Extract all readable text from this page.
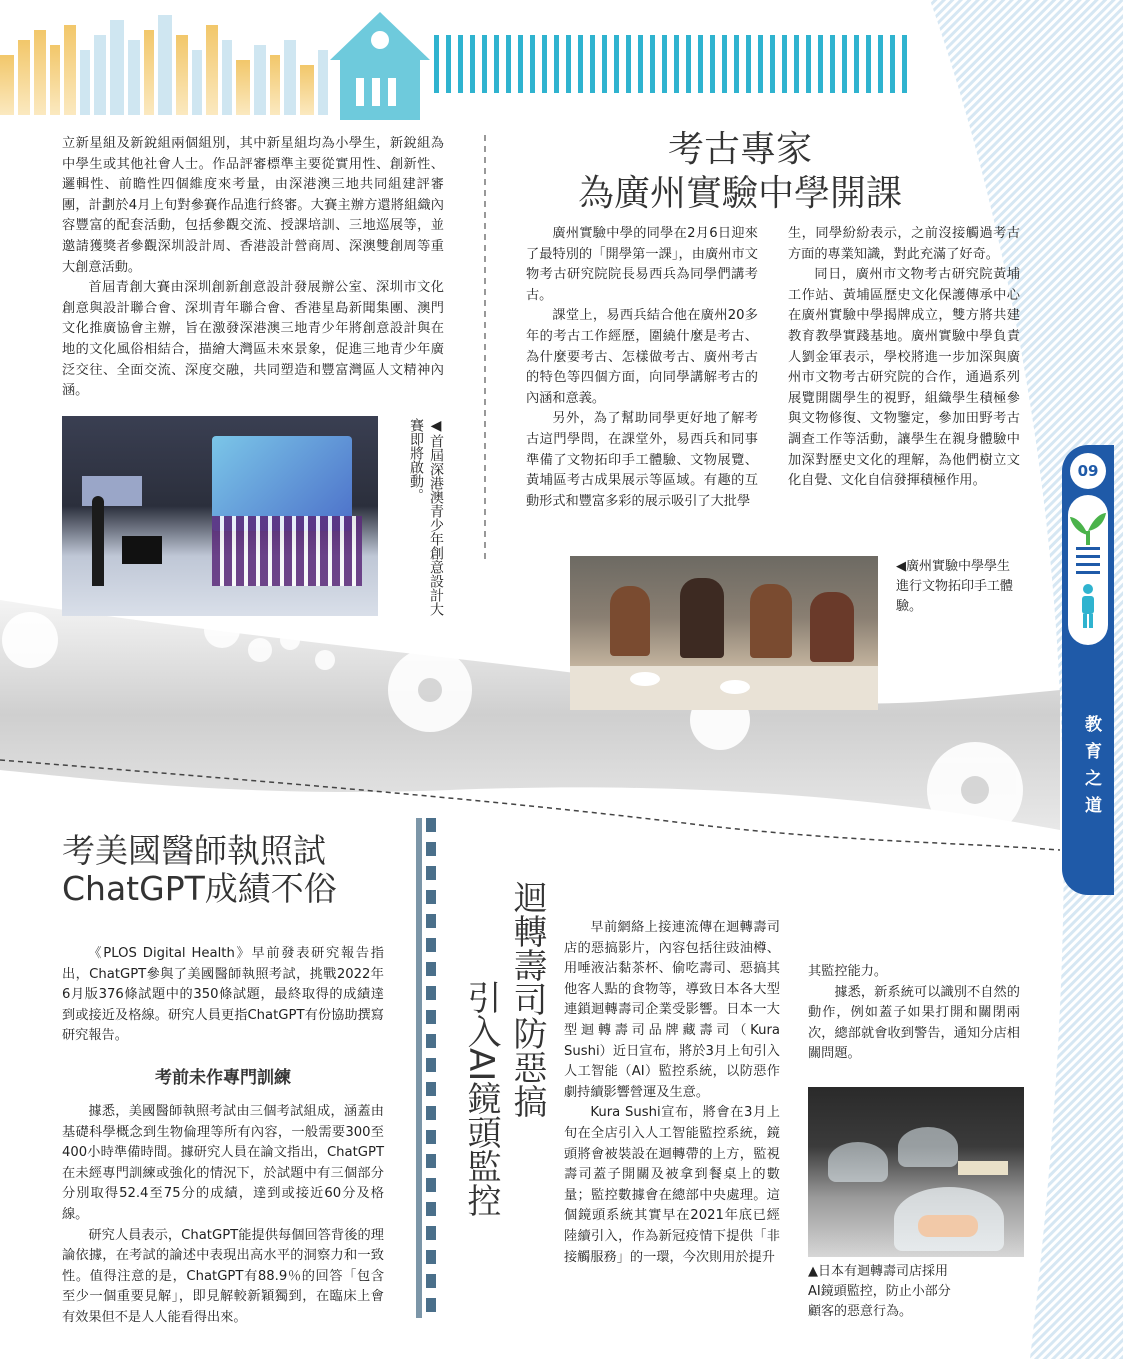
09
教育之道

立新星組及新銳組兩個組別，其中新星組均為小學生，新銳組為中學生或其他社會人士。作品評審標準主要從實用性、創新性、邏輯性、前瞻性四個維度來考量，由深港澳三地共同組建評審團，計劃於4月上旬對參賽作品進行終審。大賽主辦方還將組織內容豐富的配套活動，包括參觀交流、授課培訓、三地巡展等，並邀請獲獎者參觀深圳設計周、香港設計營商周、深澳雙創周等重大創意活動。

首屆青創大賽由深圳創新創意設計發展辦公室、深圳市文化創意與設計聯合會、深圳青年聯合會、香港星島新聞集團、澳門文化推廣協會主辦，旨在激發深港澳三地青少年將創意設計與在地的文化風俗相結合，描繪大灣區未來景象，促進三地青少年廣泛交往、全面交流、深度交融，共同塑造和豐富灣區人文精神內涵。

◀首屆深港澳青少年創意設計大賽即將啟動。
考古專家
為廣州實驗中學開課

廣州實驗中學的同學在2月6日迎來了最特別的「開學第一課」，由廣州市文物考古研究院院長易西兵為同學們講考古。

課堂上，易西兵結合他在廣州20多年的考古工作經歷，圍繞什麼是考古、為什麼要考古、怎樣做考古、廣州考古的特色等四個方面，向同學講解考古的內涵和意義。

另外，為了幫助同學更好地了解考古這門學問，在課堂外，易西兵和同事準備了文物拓印手工體驗、文物展覽、黃埔區考古成果展示等區域。有趣的互動形式和豐富多彩的展示吸引了大批學

生，同學紛紛表示，之前沒接觸過考古方面的專業知識，對此充滿了好奇。

同日，廣州市文物考古研究院黃埔工作站、黃埔區歷史文化保護傳承中心在廣州實驗中學揭牌成立，雙方將共建教育教學實踐基地。廣州實驗中學負責人劉金軍表示，學校將進一步加深與廣州市文物考古研究院的合作，通過系列展覽開闊學生的視野，組織學生積極參與文物修復、文物鑒定，參加田野考古調查工作等活動，讓學生在親身體驗中加深對歷史文化的理解，為他們樹立文化自覺、文化自信發揮積極作用。

◀廣州實驗中學學生進行文物拓印手工體驗。
考美國醫師執照試
ChatGPT成績不俗

《PLOS Digital Health》早前發表研究報告指出，ChatGPT參與了美國醫師執照考試，挑戰2022年6月版376條試題中的350條試題，最終取得的成績達到或接近及格線。研究人員更指ChatGPT有份協助撰寫研究報告。

考前未作專門訓練

據悉，美國醫師執照考試由三個考試組成，涵蓋由基礎科學概念到生物倫理等所有內容，一般需要300至400小時準備時間。據研究人員在論文指出，ChatGPT在未經專門訓練或強化的情況下，於試題中有三個部分分別取得52.4至75分的成績，達到或接近60分及格線。

研究人員表示，ChatGPT能提供每個回答背後的理論依據，在考試的論述中表現出高水平的洞察力和一致性。值得注意的是，ChatGPT有88.9％的回答「包含至少一個重要見解」，即見解較新穎獨到，在臨床上會有效果但不是人人能看得出來。

迴轉壽司防惡搞
引入AI鏡頭監控

早前網絡上接連流傳在迴轉壽司店的惡搞影片，內容包括往豉油樽、用唾液沾黏茶杯、偷吃壽司、惡搞其他客人點的食物等，導致日本各大型連鎖迴轉壽司企業受影響。日本一大型迴轉壽司品牌藏壽司（Kura Sushi）近日宣布，將於3月上旬引入人工智能（AI）監控系統，以防惡作劇持續影響營運及生意。

Kura Sushi宣布，將會在3月上旬在全店引入人工智能監控系統，鏡頭將會被裝設在迴轉帶的上方，監視壽司蓋子開關及被拿到餐桌上的數量；監控數據會在總部中央處理。這個鏡頭系統其實早在2021年底已經陸續引入，作為新冠疫情下提供「非接觸服務」的一環，今次則用於提升

其監控能力。

據悉，新系統可以識別不自然的動作，例如蓋子如果打開和關閉兩次，總部就會收到警告，通知分店相關問題。

▲日本有迴轉壽司店採用AI鏡頭監控，防止小部分顧客的惡意行為。
